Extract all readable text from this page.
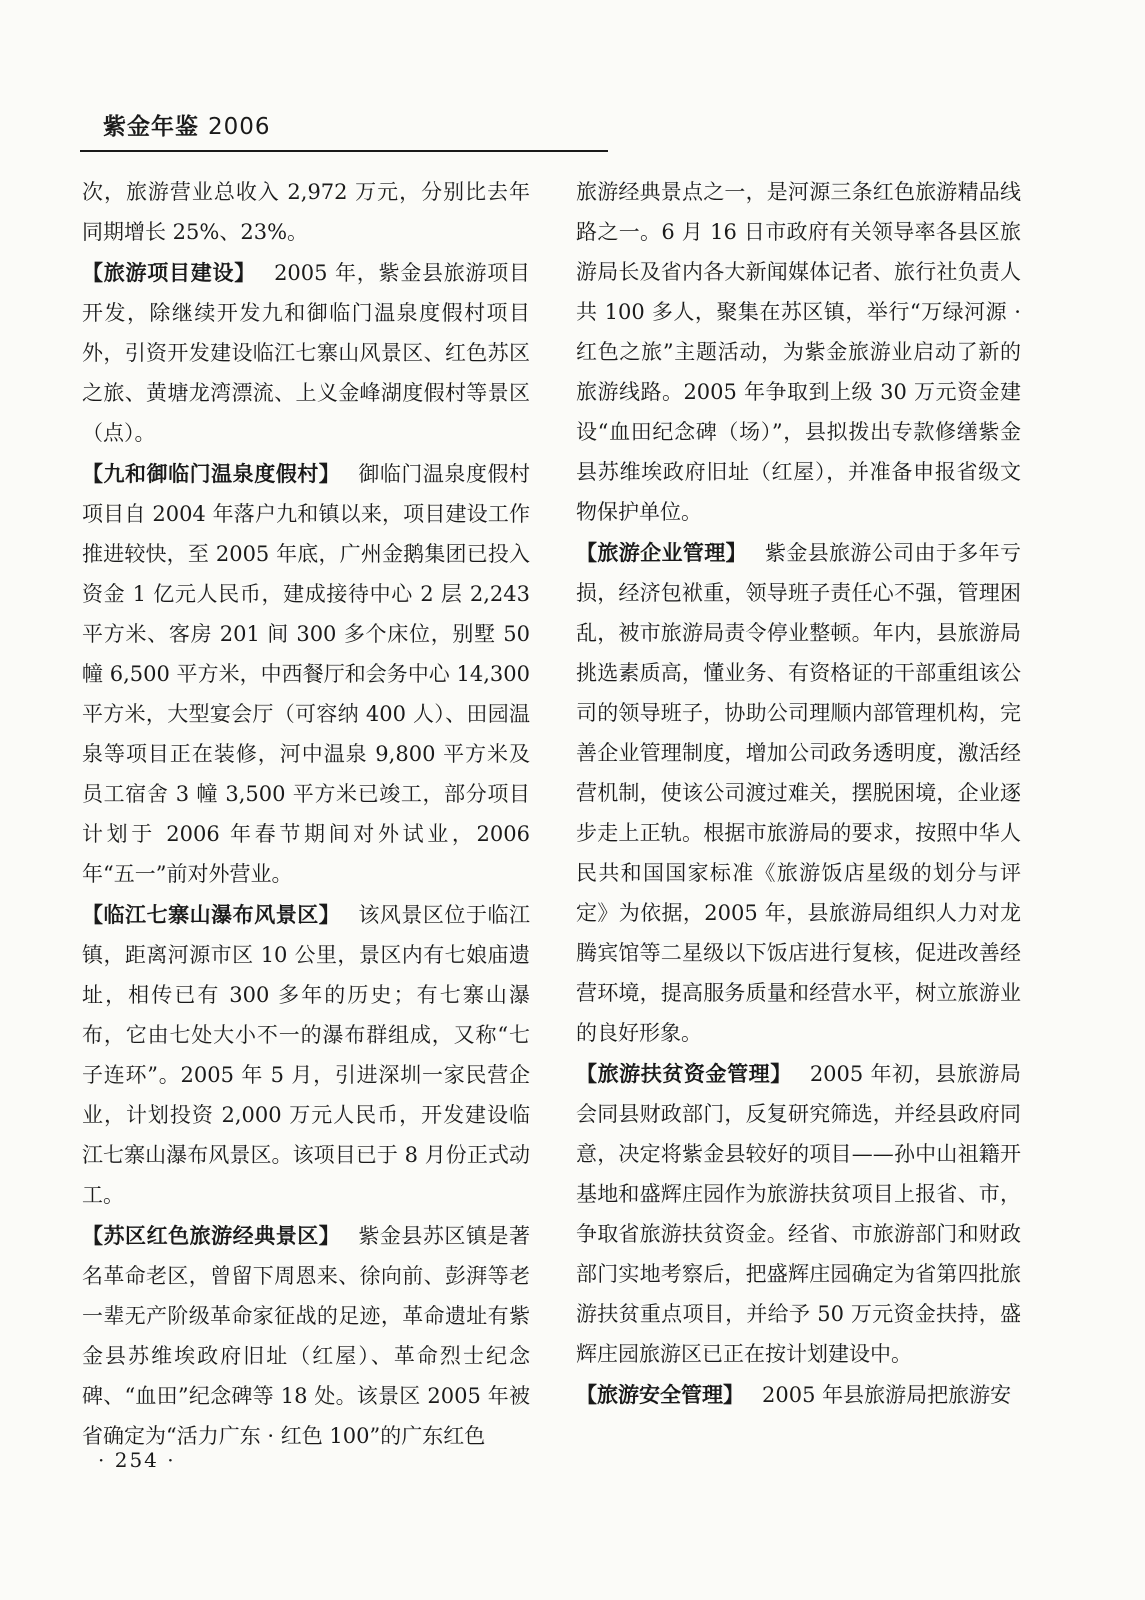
紫金年鉴 2006

次，旅游营业总收入 2,972 万元，分别比去年同期增长 25%、23%。

【旅游项目建设】 2005 年，紫金县旅游项目开发，除继续开发九和御临门温泉度假村项目外，引资开发建设临江七寨山风景区、红色苏区之旅、黄塘龙湾漂流、上义金峰湖度假村等景区（点）。

【九和御临门温泉度假村】 御临门温泉度假村项目自 2004 年落户九和镇以来，项目建设工作推进较快，至 2005 年底，广州金鹅集团已投入资金 1 亿元人民币，建成接待中心 2 层 2,243平方米、客房 201 间 300 多个床位，别墅 50 幢 6,500 平方米，中西餐厅和会务中心 14,300平方米，大型宴会厅（可容纳 400 人）、田园温泉等项目正在装修，河中温泉 9,800 平方米及员工宿舍 3 幢 3,500 平方米已竣工，部分项目计划于 2006 年春节期间对外试业，2006 年“五一”前对外营业。

【临江七寨山瀑布风景区】 该风景区位于临江镇，距离河源市区 10 公里，景区内有七娘庙遗址，相传已有 300 多年的历史；有七寨山瀑布，它由七处大小不一的瀑布群组成，又称“七子连环”。2005 年 5 月，引进深圳一家民营企业，计划投资 2,000 万元人民币，开发建设临江七寨山瀑布风景区。该项目已于 8 月份正式动工。

【苏区红色旅游经典景区】 紫金县苏区镇是著名革命老区，曾留下周恩来、徐向前、彭湃等老一辈无产阶级革命家征战的足迹，革命遗址有紫金县苏维埃政府旧址（红屋）、革命烈士纪念碑、“血田”纪念碑等 18 处。该景区 2005 年被省确定为“活力广东 · 红色 100”的广东红色

旅游经典景点之一，是河源三条红色旅游精品线路之一。6 月 16 日市政府有关领导率各县区旅游局长及省内各大新闻媒体记者、旅行社负责人共 100 多人，聚集在苏区镇，举行“万绿河源 · 红色之旅”主题活动，为紫金旅游业启动了新的旅游线路。2005 年争取到上级 30 万元资金建设“血田纪念碑（场）”，县拟拨出专款修缮紫金县苏维埃政府旧址（红屋），并准备申报省级文物保护单位。

【旅游企业管理】 紫金县旅游公司由于多年亏损，经济包袱重，领导班子责任心不强，管理困乱，被市旅游局责令停业整顿。年内，县旅游局挑选素质高，懂业务、有资格证的干部重组该公司的领导班子，协助公司理顺内部管理机构，完善企业管理制度，增加公司政务透明度，激活经营机制，使该公司渡过难关，摆脱困境，企业逐步走上正轨。根据市旅游局的要求，按照中华人民共和国国家标准《旅游饭店星级的划分与评定》为依据，2005 年，县旅游局组织人力对龙腾宾馆等二星级以下饭店进行复核，促进改善经营环境，提高服务质量和经营水平，树立旅游业的良好形象。

【旅游扶贫资金管理】 2005 年初，县旅游局会同县财政部门，反复研究筛选，并经县政府同意，决定将紫金县较好的项目——孙中山祖籍开基地和盛辉庄园作为旅游扶贫项目上报省、市，争取省旅游扶贫资金。经省、市旅游部门和财政部门实地考察后，把盛辉庄园确定为省第四批旅游扶贫重点项目，并给予 50 万元资金扶持，盛辉庄园旅游区已正在按计划建设中。

【旅游安全管理】 2005 年县旅游局把旅游安

· 254 ·
